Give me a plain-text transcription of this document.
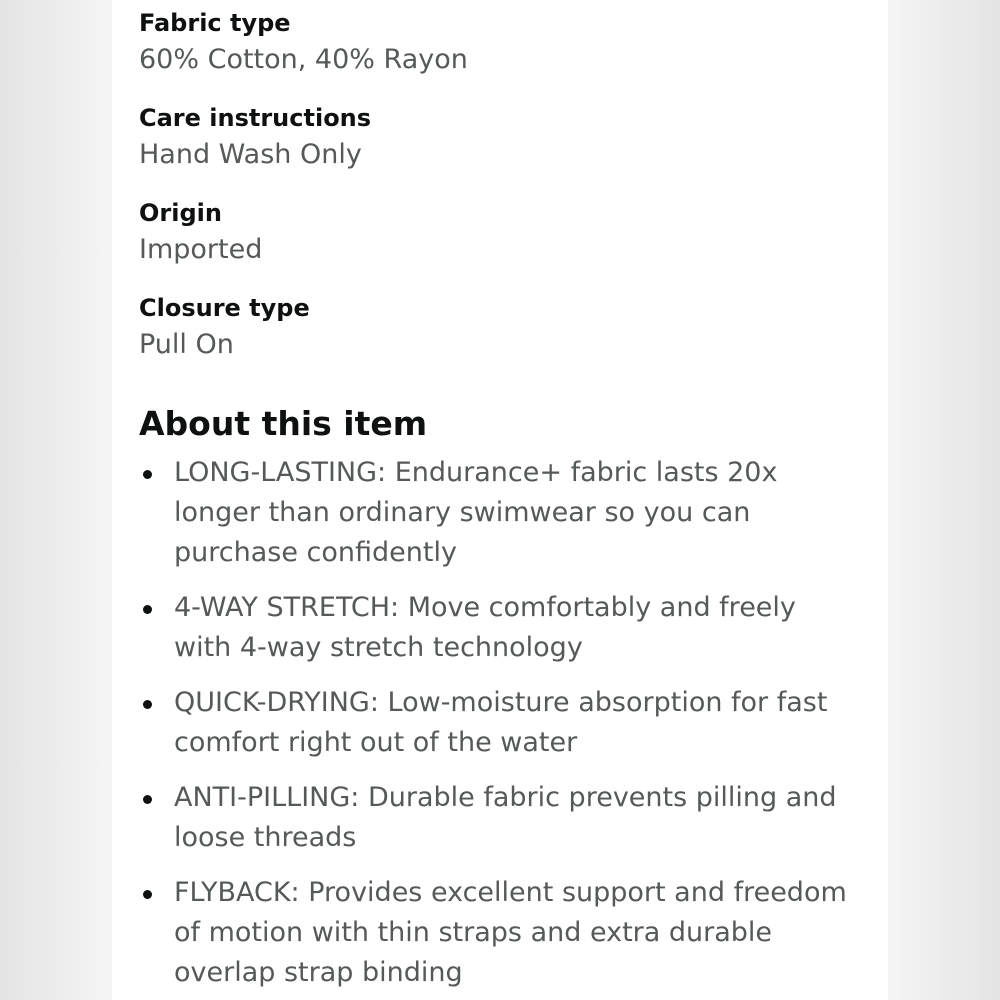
Fabric type
60% Cotton, 40% Rayon
Care instructions
Hand Wash Only
Origin
Imported
Closure type
Pull On
About this item
LONG-LASTING: Endurance+ fabric lasts 20x
longer than ordinary swimwear so you can
purchase confidently
4-WAY STRETCH: Move comfortably and freely
with 4-way stretch technology
QUICK-DRYING: Low-moisture absorption for fast
comfort right out of the water
ANTI-PILLING: Durable fabric prevents pilling and
loose threads
FLYBACK: Provides excellent support and freedom
of motion with thin straps and extra durable
overlap strap binding
